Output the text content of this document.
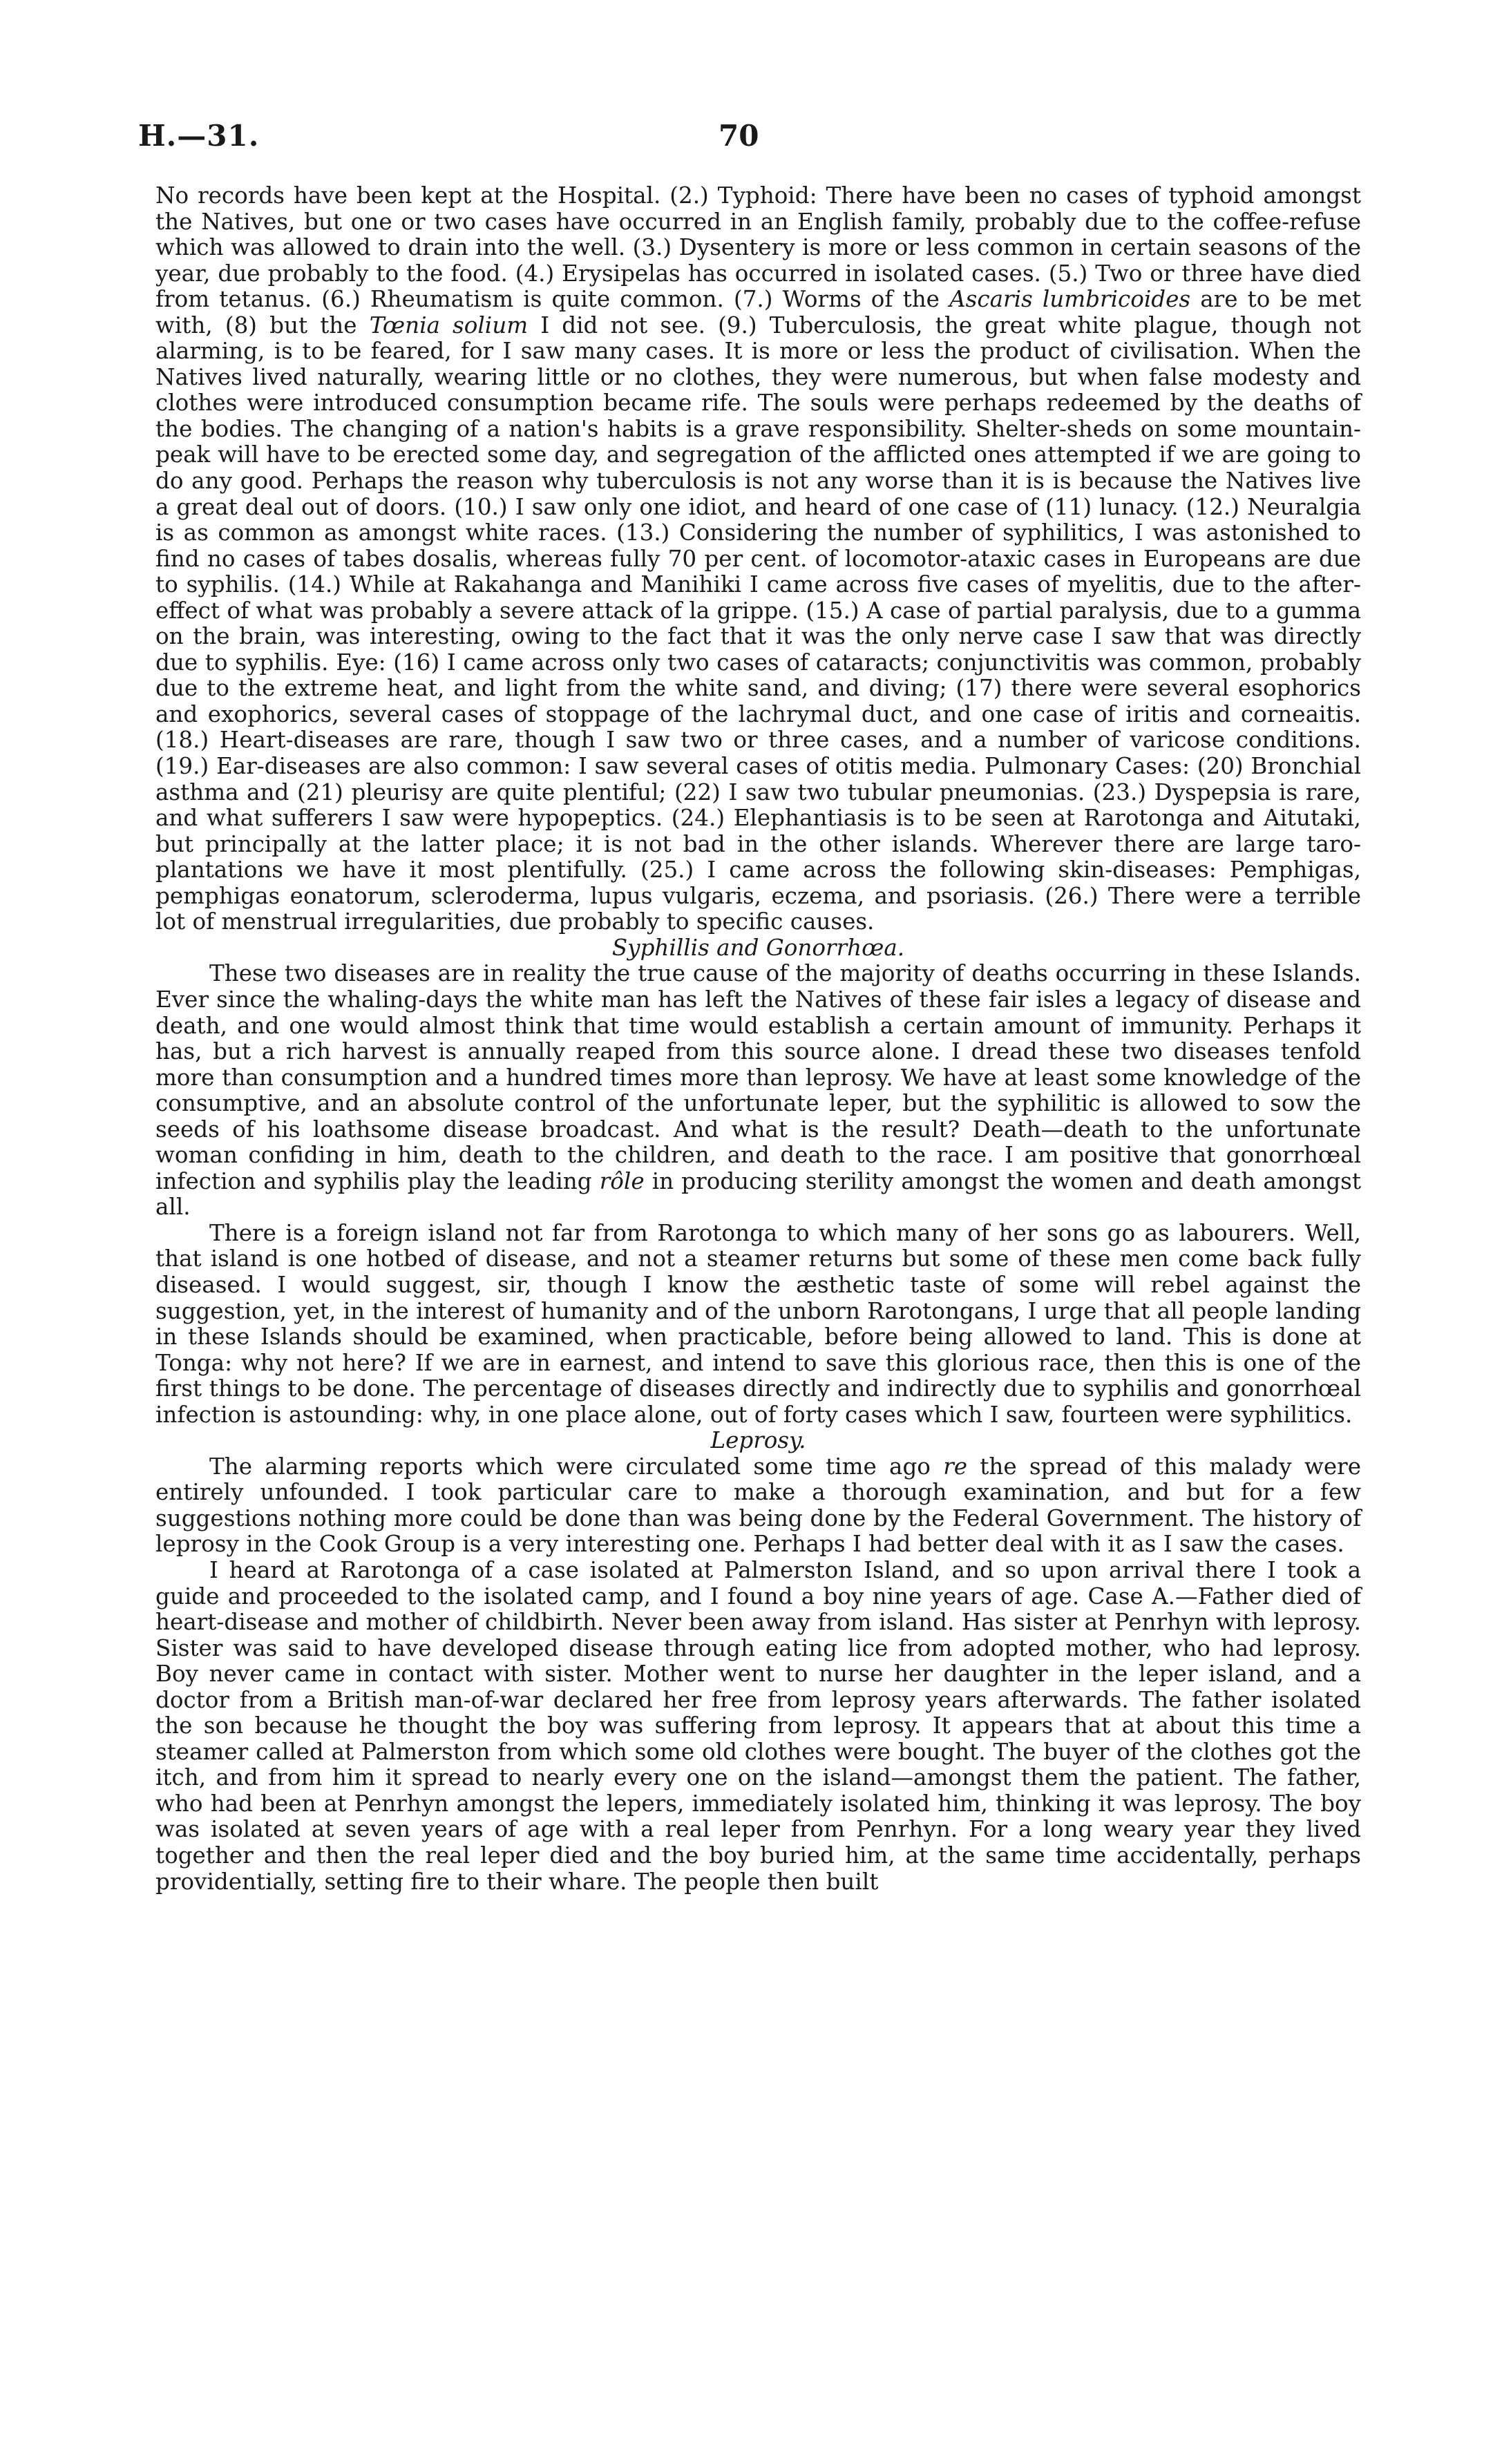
H.—31.	70

No records have been kept at the Hospital. (2.) Typhoid: There have been no cases of typhoid amongst the Natives, but one or two cases have occurred in an English family, probably due to the coffee-refuse which was allowed to drain into the well. (3.) Dysentery is more or less common in certain seasons of the year, due probably to the food. (4.) Erysipelas has occurred in isolated cases. (5.) Two or three have died from tetanus. (6.) Rheumatism is quite common. (7.) Worms of the Ascaris lumbricoides are to be met with, (8) but the Tœnia solium I did not see. (9.) Tuberculosis, the great white plague, though not alarming, is to be feared, for I saw many cases. It is more or less the product of civilisation. When the Natives lived naturally, wearing little or no clothes, they were numerous, but when false modesty and clothes were introduced consumption became rife. The souls were perhaps redeemed by the deaths of the bodies. The changing of a nation's habits is a grave responsibility. Shelter-sheds on some mountain-peak will have to be erected some day, and segregation of the afflicted ones attempted if we are going to do any good. Perhaps the reason why tuberculosis is not any worse than it is is because the Natives live a great deal out of doors. (10.) I saw only one idiot, and heard of one case of (11) lunacy. (12.) Neuralgia is as common as amongst white races. (13.) Considering the number of syphilitics, I was astonished to find no cases of tabes dosalis, whereas fully 70 per cent. of locomotor-ataxic cases in Europeans are due to syphilis. (14.) While at Rakahanga and Manihiki I came across five cases of myelitis, due to the after-effect of what was probably a severe attack of la grippe. (15.) A case of partial paralysis, due to a gumma on the brain, was interesting, owing to the fact that it was the only nerve case I saw that was directly due to syphilis. Eye: (16) I came across only two cases of cataracts; conjunctivitis was common, probably due to the extreme heat, and light from the white sand, and diving; (17) there were several esophorics and exophorics, several cases of stoppage of the lachrymal duct, and one case of iritis and corneaitis. (18.) Heart-diseases are rare, though I saw two or three cases, and a number of varicose conditions. (19.) Ear-diseases are also common: I saw several cases of otitis media. Pulmonary Cases: (20) Bronchial asthma and (21) pleurisy are quite plentiful; (22) I saw two tubular pneumonias. (23.) Dyspepsia is rare, and what sufferers I saw were hypopeptics. (24.) Elephantiasis is to be seen at Rarotonga and Aitutaki, but principally at the latter place; it is not bad in the other islands. Wherever there are large taro-plantations we have it most plentifully. (25.) I came across the following skin-diseases: Pemphigas, pemphigas eonatorum, scleroderma, lupus vulgaris, eczema, and psoriasis. (26.) There were a terrible lot of menstrual irregularities, due probably to specific causes.

Syphillis and Gonorrhœa.

These two diseases are in reality the true cause of the majority of deaths occurring in these Islands. Ever since the whaling-days the white man has left the Natives of these fair isles a legacy of disease and death, and one would almost think that time would establish a certain amount of immunity. Perhaps it has, but a rich harvest is annually reaped from this source alone. I dread these two diseases tenfold more than consumption and a hundred times more than leprosy. We have at least some knowledge of the consumptive, and an absolute control of the unfortunate leper, but the syphilitic is allowed to sow the seeds of his loathsome disease broadcast. And what is the result? Death—death to the unfortunate woman confiding in him, death to the children, and death to the race. I am positive that gonorrhœal infection and syphilis play the leading rôle in producing sterility amongst the women and death amongst all.

There is a foreign island not far from Rarotonga to which many of her sons go as labourers. Well, that island is one hotbed of disease, and not a steamer returns but some of these men come back fully diseased. I would suggest, sir, though I know the æsthetic taste of some will rebel against the suggestion, yet, in the interest of humanity and of the unborn Rarotongans, I urge that all people landing in these Islands should be examined, when practicable, before being allowed to land. This is done at Tonga: why not here? If we are in earnest, and intend to save this glorious race, then this is one of the first things to be done. The percentage of diseases directly and indirectly due to syphilis and gonorrhœal infection is astounding: why, in one place alone, out of forty cases which I saw, fourteen were syphilitics.

Leprosy.

The alarming reports which were circulated some time ago re the spread of this malady were entirely unfounded. I took particular care to make a thorough examination, and but for a few suggestions nothing more could be done than was being done by the Federal Government. The history of leprosy in the Cook Group is a very interesting one. Perhaps I had better deal with it as I saw the cases.

I heard at Rarotonga of a case isolated at Palmerston Island, and so upon arrival there I took a guide and proceeded to the isolated camp, and I found a boy nine years of age. Case A.—Father died of heart-disease and mother of childbirth. Never been away from island. Has sister at Penrhyn with leprosy. Sister was said to have developed disease through eating lice from adopted mother, who had leprosy. Boy never came in contact with sister. Mother went to nurse her daughter in the leper island, and a doctor from a British man-of-war declared her free from leprosy years afterwards. The father isolated the son because he thought the boy was suffering from leprosy. It appears that at about this time a steamer called at Palmerston from which some old clothes were bought. The buyer of the clothes got the itch, and from him it spread to nearly every one on the island—amongst them the patient. The father, who had been at Penrhyn amongst the lepers, immediately isolated him, thinking it was leprosy. The boy was isolated at seven years of age with a real leper from Penrhyn. For a long weary year they lived together and then the real leper died and the boy buried him, at the same time accidentally, perhaps providentially, setting fire to their whare. The people then built
